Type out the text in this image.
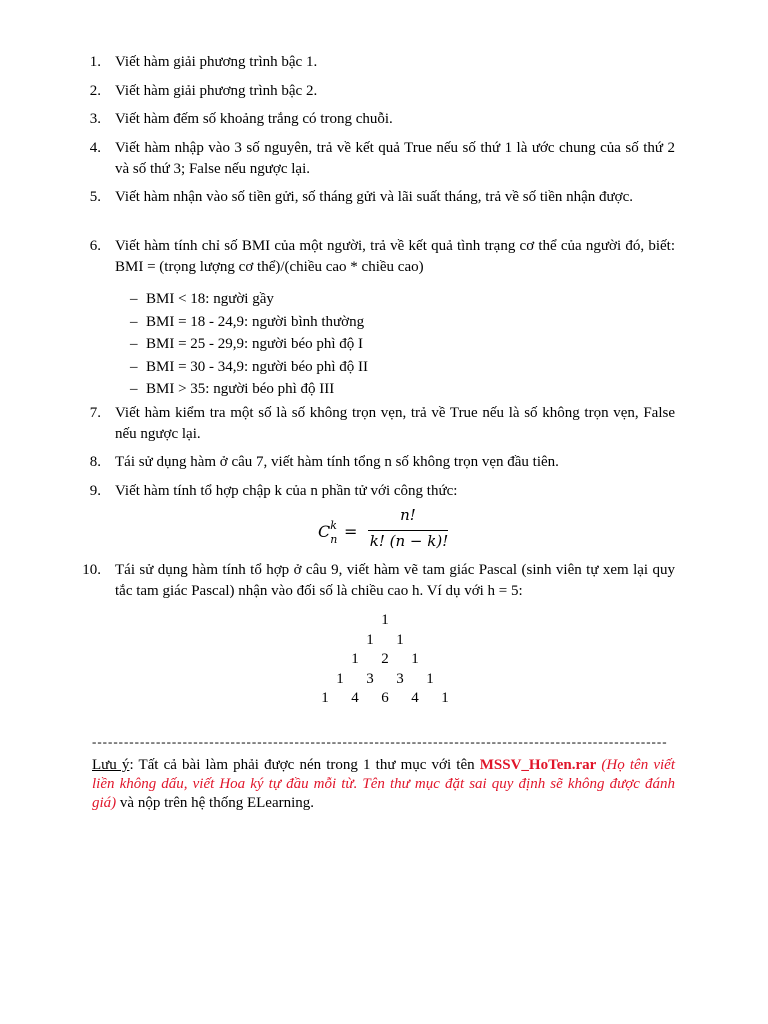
1. Viết hàm giải phương trình bậc 1.
2. Viết hàm giải phương trình bậc 2.
3. Viết hàm đếm số khoảng trắng có trong chuỗi.
4. Viết hàm nhập vào 3 số nguyên, trả về kết quả True nếu số thứ 1 là ước chung của số thứ 2 và số thứ 3; False nếu ngược lại.
5. Viết hàm nhận vào số tiền gửi, số tháng gửi và lãi suất tháng, trả về số tiền nhận được.
6. Viết hàm tính chỉ số BMI của một người, trả về kết quả tình trạng cơ thể của người đó, biết: BMI = (trọng lượng cơ thể)/(chiều cao * chiều cao)
7. Viết hàm kiểm tra một số là số không trọn vẹn, trả về True nếu là số không trọn vẹn, False nếu ngược lại.
8. Tái sử dụng hàm ở câu 7, viết hàm tính tổng n số không trọn vẹn đầu tiên.
9. Viết hàm tính tổ hợp chập k của n phần tử với công thức:
10. Tái sử dụng hàm tính tổ hợp ở câu 9, viết hàm vẽ tam giác Pascal (sinh viên tự xem lại quy tắc tam giác Pascal) nhận vào đối số là chiều cao h. Ví dụ với h = 5:
– BMI < 18: người gầy
– BMI = 18 - 24,9: người bình thường
– BMI = 25 - 29,9: người béo phì độ I
– BMI = 30 - 34,9: người béo phì độ II
– BMI > 35: người béo phì độ III
C k
n =
n!
k! (n − k)!
1
1 1
1 2 1
1 3 3 1
1 4 6 4 1
------------------------------------------------------------------------------------------------------------
Lưu ý: Tất cả bài làm phải được nén trong 1 thư mục với tên MSSV_HoTen.rar (Họ tên viết liền không dấu, viết Hoa ký tự đầu mỗi từ. Tên thư mục đặt sai quy định sẽ không được đánh giá) và nộp trên hệ thống ELearning.
